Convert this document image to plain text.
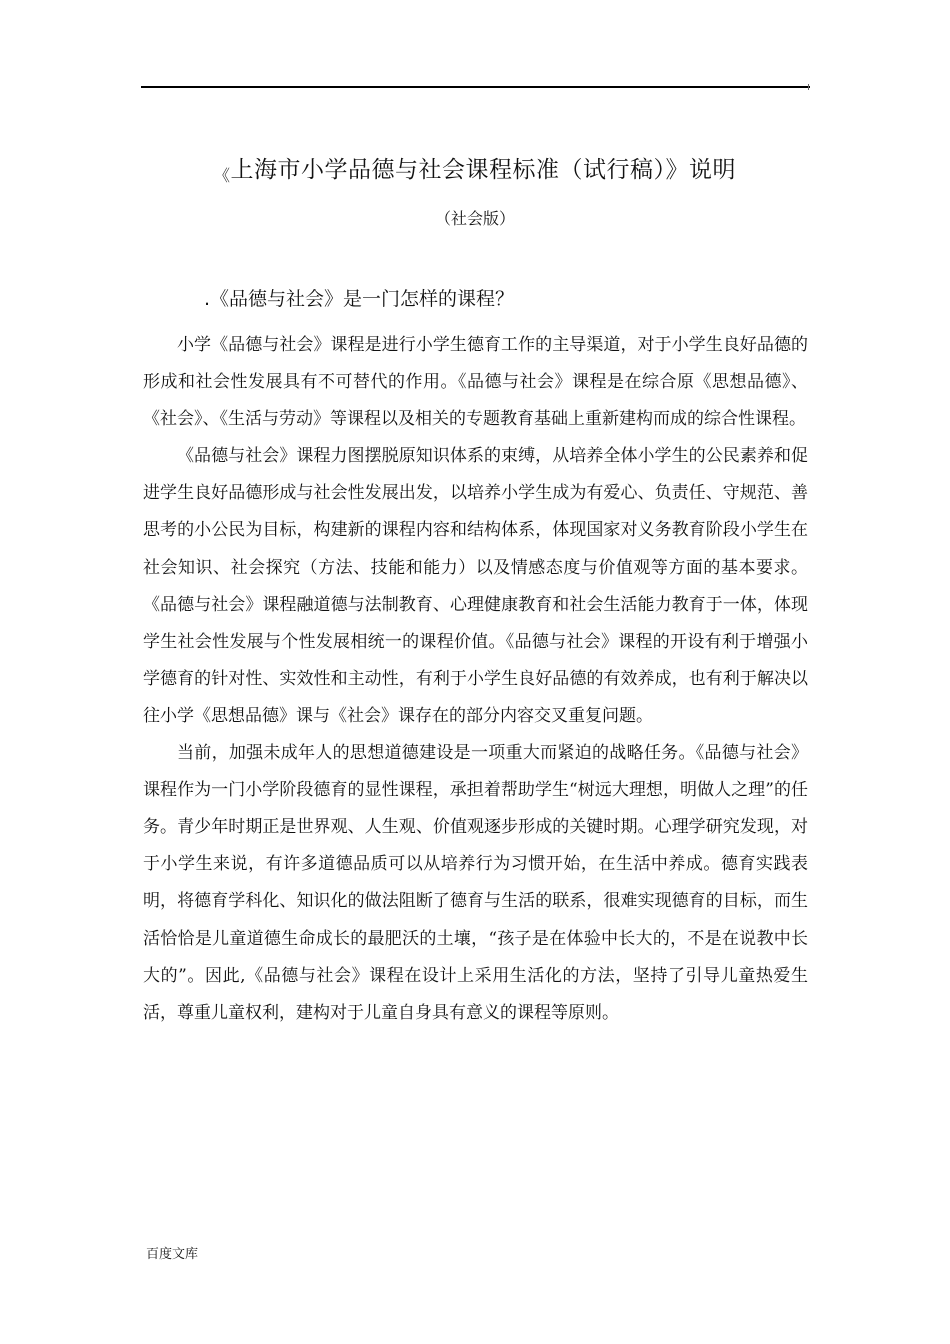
《上海市小学品德与社会课程标准（试行稿）》说明
（社会版）
.《品德与社会》是一门怎样的课程？

小学《品德与社会》课程是进行小学生德育工作的主导渠道，对于小学生良好品德的形成和社会性发展具有不可替代的作用。《品德与社会》课程是在综合原《思想品德》、《社会》、《生活与劳动》等课程以及相关的专题教育基础上重新建构而成的综合性课程。

《品德与社会》课程力图摆脱原知识体系的束缚，从培养全体小学生的公民素养和促进学生良好品德形成与社会性发展出发，以培养小学生成为有爱心、负责任、守规范、善思考的小公民为目标，构建新的课程内容和结构体系，体现国家对义务教育阶段小学生在社会知识、社会探究（方法、技能和能力）以及情感态度与价值观等方面的基本要求。《品德与社会》课程融道德与法制教育、心理健康教育和社会生活能力教育于一体，体现学生社会性发展与个性发展相统一的课程价值。《品德与社会》课程的开设有利于增强小学德育的针对性、实效性和主动性，有利于小学生良好品德的有效养成，也有利于解决以往小学《思想品德》课与《社会》课存在的部分内容交叉重复问题。

当前，加强未成年人的思想道德建设是一项重大而紧迫的战略任务。《品德与社会》课程作为一门小学阶段德育的显性课程，承担着帮助学生“树远大理想，明做人之理”的任务。青少年时期正是世界观、人生观、价值观逐步形成的关键时期。心理学研究发现，对于小学生来说，有许多道德品质可以从培养行为习惯开始，在生活中养成。德育实践表明，将德育学科化、知识化的做法阻断了德育与生活的联系，很难实现德育的目标，而生活恰恰是儿童道德生命成长的最肥沃的土壤，“孩子是在体验中长大的，不是在说教中长大的”。因此,《品德与社会》课程在设计上采用生活化的方法，坚持了引导儿童热爱生活，尊重儿童权利，建构对于儿童自身具有意义的课程等原则。

百度文库
